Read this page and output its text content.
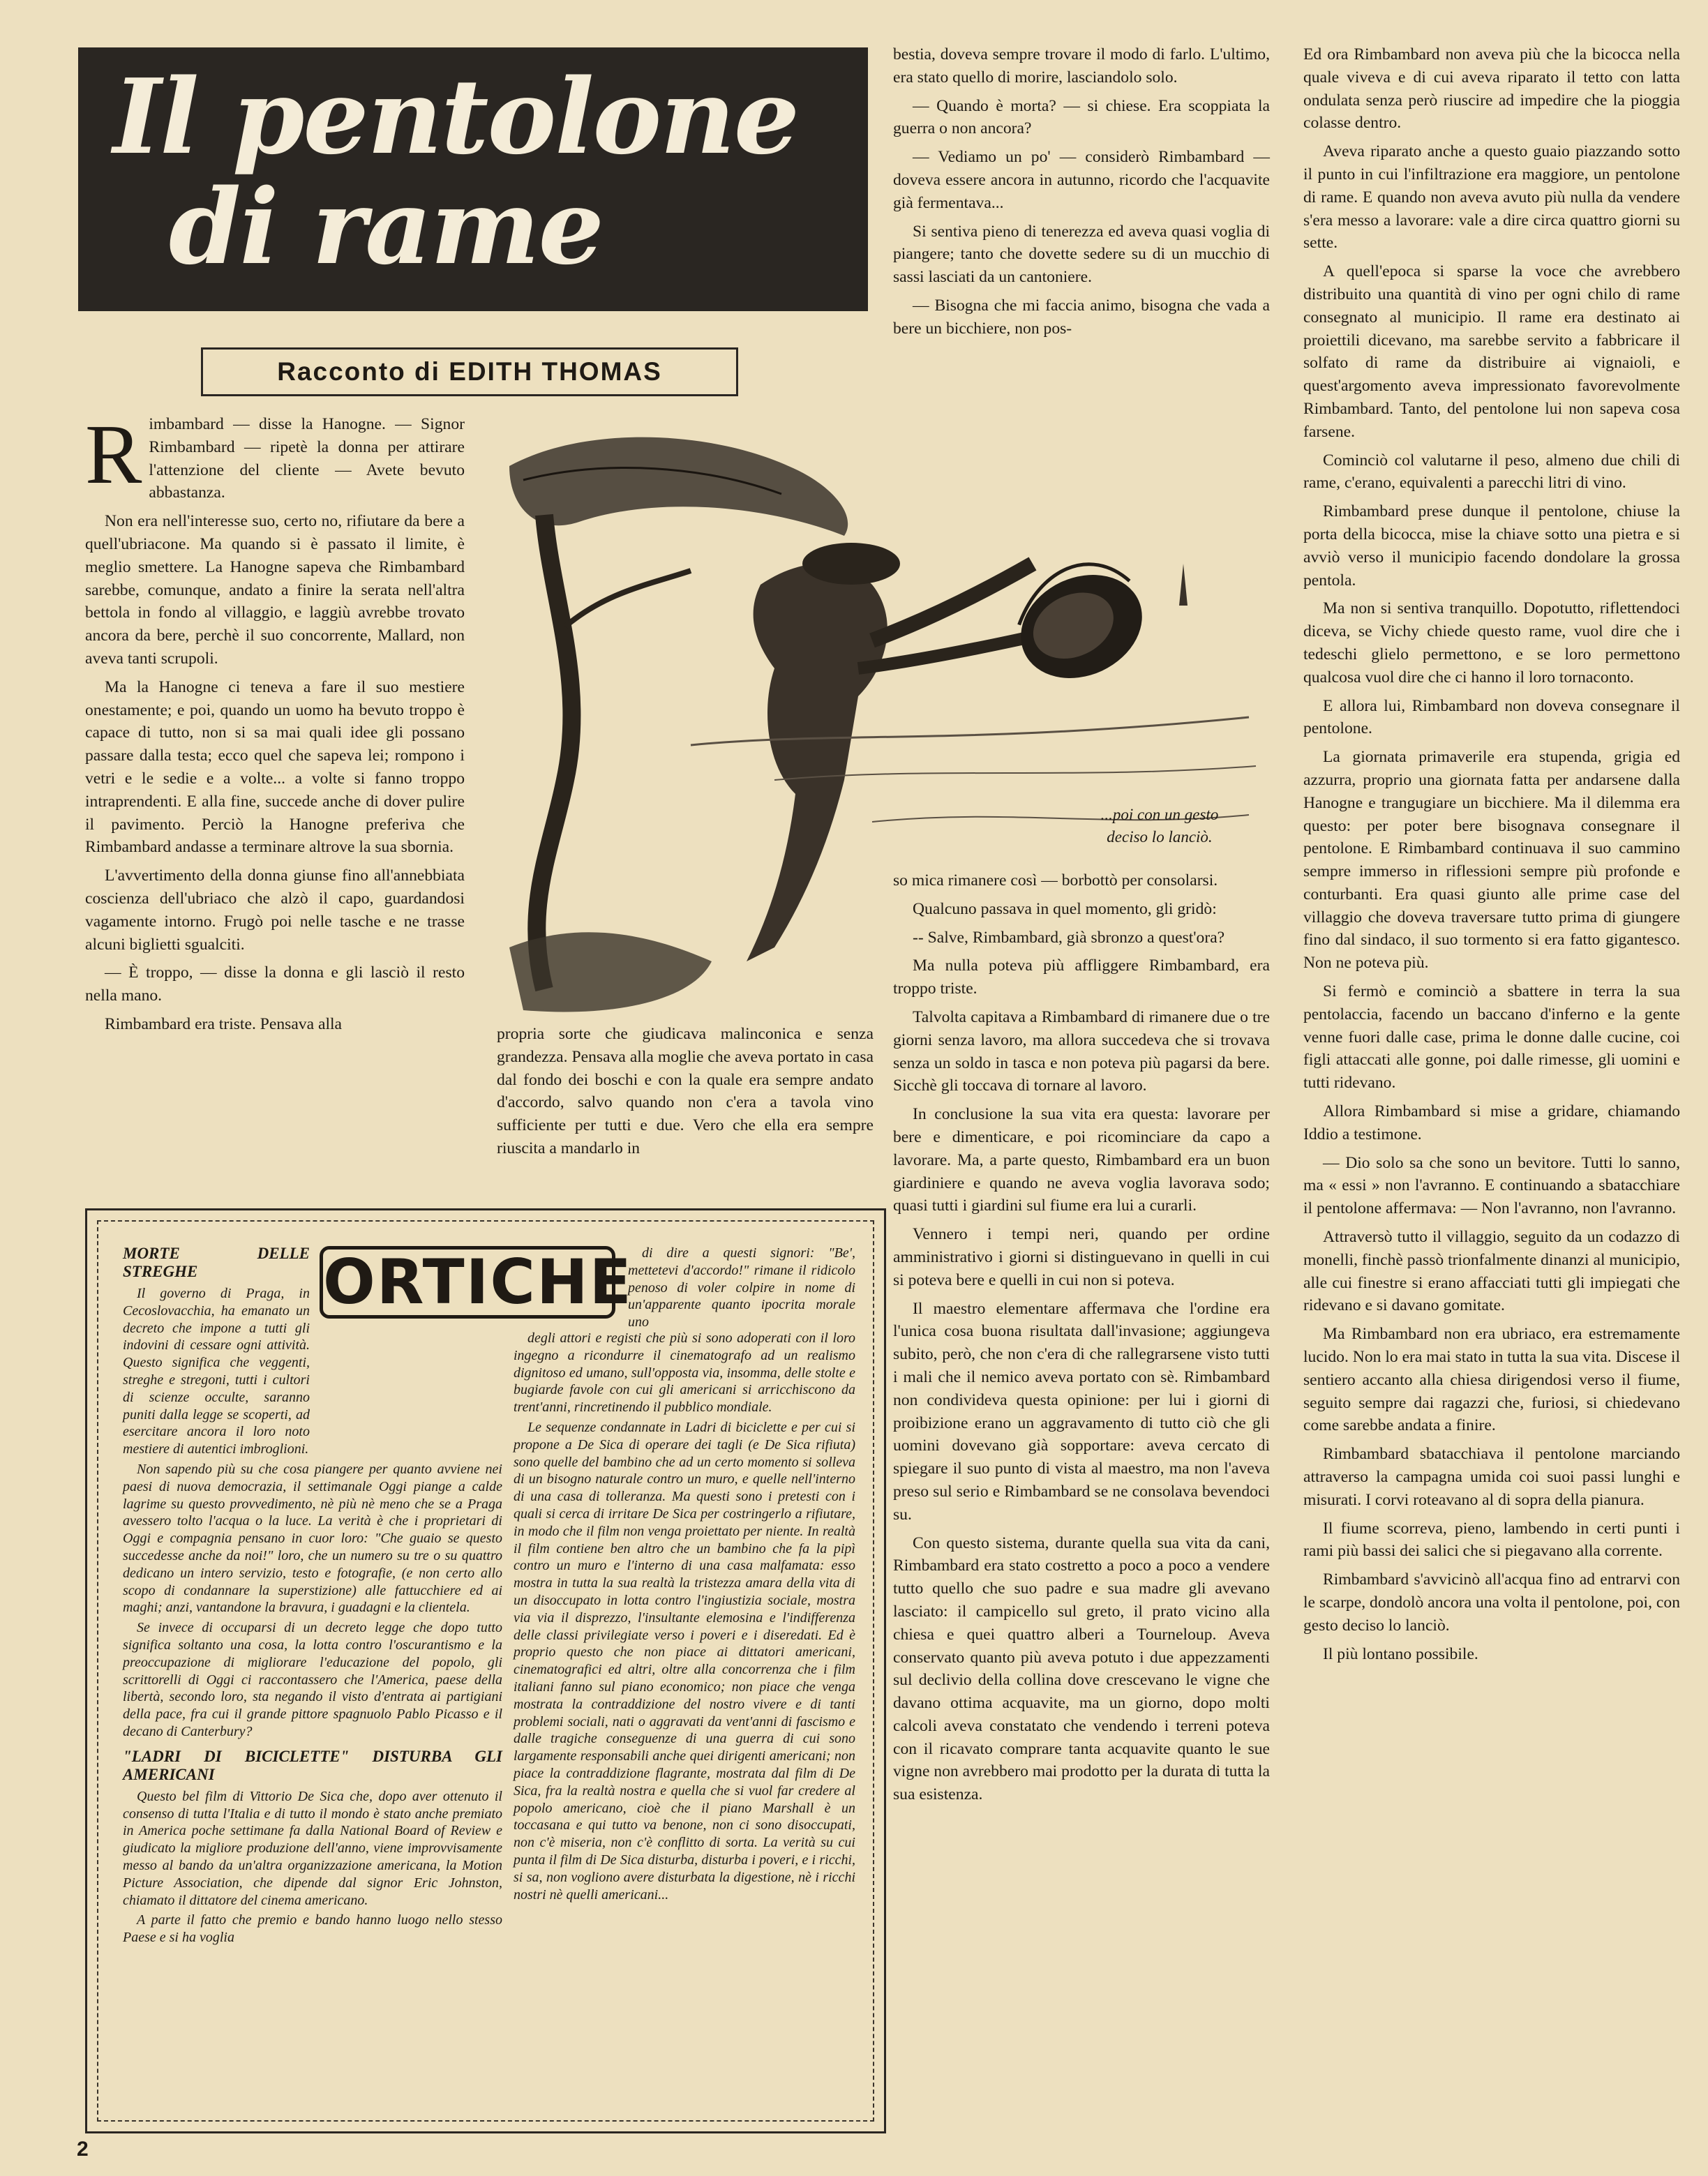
Il pentolone
di rame
Racconto di EDITH THOMAS
R imbambard — disse la Hanogne. — Signor Rimbambard — ripetè la donna per attirare l'attenzione del cliente — Avete bevuto abbastanza.

Non era nell'interesse suo, certo no, rifiutare da bere a quell'ubriacone. Ma quando si è passato il limite, è meglio smettere. La Hanogne sapeva che Rimbambard sarebbe, comunque, andato a finire la serata nell'altra bettola in fondo al villaggio, e laggiù avrebbe trovato ancora da bere, perchè il suo concorrente, Mallard, non aveva tanti scrupoli.

Ma la Hanogne ci teneva a fare il suo mestiere onestamente; e poi, quando un uomo ha bevuto troppo è capace di tutto, non si sa mai quali idee gli possano passare dalla testa; ecco quel che sapeva lei; rompono i vetri e le sedie e a volte... a volte si fanno troppo intraprendenti. E alla fine, succede anche di dover pulire il pavimento. Perciò la Hanogne preferiva che Rimbambard andasse a terminare altrove la sua sbornia.

L'avvertimento della donna giunse fino all'annebbiata coscienza dell'ubriaco che alzò il capo, guardandosi vagamente intorno. Frugò poi nelle tasche e ne trasse alcuni biglietti sgualciti.

— È troppo, — disse la donna e gli lasciò il resto nella mano.

Rimbambard era triste. Pensava alla

...poi con un gesto
deciso lo lanciò.

propria sorte che giudicava malinconica e senza grandezza. Pensava alla moglie che aveva portato in casa dal fondo dei boschi e con la quale era sempre andato d'accordo, salvo quando non c'era a tavola vino sufficiente per tutti e due. Vero che ella era sempre riuscita a mandarlo in

bestia, doveva sempre trovare il modo di farlo. L'ultimo, era stato quello di morire, lasciandolo solo.

— Quando è morta? — si chiese. Era scoppiata la guerra o non ancora?

— Vediamo un po' — considerò Rimbambard — doveva essere ancora in autunno, ricordo che l'acquavite già fermentava...

Si sentiva pieno di tenerezza ed aveva quasi voglia di piangere; tanto che dovette sedere su di un mucchio di sassi lasciati da un cantoniere.

— Bisogna che mi faccia animo, bisogna che vada a bere un bicchiere, non pos-

so mica rimanere così — borbottò per consolarsi.

Qualcuno passava in quel momento, gli gridò:

-- Salve, Rimbambard, già sbronzo a quest'ora?

Ma nulla poteva più affliggere Rimbambard, era troppo triste.

Talvolta capitava a Rimbambard di rimanere due o tre giorni senza lavoro, ma allora succedeva che si trovava senza un soldo in tasca e non poteva più pagarsi da bere. Sicchè gli toccava di tornare al lavoro.

In conclusione la sua vita era questa: lavorare per bere e dimenticare, e poi ricominciare da capo a lavorare. Ma, a parte questo, Rimbambard era un buon giardiniere e quando ne aveva voglia lavorava sodo; quasi tutti i giardini sul fiume era lui a curarli.

Vennero i tempi neri, quando per ordine amministrativo i giorni si distinguevano in quelli in cui si poteva bere e quelli in cui non si poteva.

Il maestro elementare affermava che l'ordine era l'unica cosa buona risultata dall'invasione; aggiungeva subito, però, che non c'era di che rallegrarsene visto tutti i mali che il nemico aveva portato con sè. Rimbambard non condivideva questa opinione: per lui i giorni di proibizione erano un aggravamento di tutto ciò che gli uomini dovevano già sopportare: aveva cercato di spiegare il suo punto di vista al maestro, ma non l'aveva preso sul serio e Rimbambard se ne consolava bevendoci su.

Con questo sistema, durante quella sua vita da cani, Rimbambard era stato costretto a poco a poco a vendere tutto quello che suo padre e sua madre gli avevano lasciato: il campicello sul greto, il prato vicino alla chiesa e quei quattro alberi a Tourneloup. Aveva conservato quanto più aveva potuto i due appezzamenti sul declivio della collina dove crescevano le vigne che davano ottima acquavite, ma un giorno, dopo molti calcoli aveva constatato che vendendo i terreni poteva con il ricavato comprare tanta acquavite quanto le sue vigne non avrebbero mai prodotto per la durata di tutta la sua esistenza.

Ed ora Rimbambard non aveva più che la bicocca nella quale viveva e di cui aveva riparato il tetto con latta ondulata senza però riuscire ad impedire che la pioggia colasse dentro.

Aveva riparato anche a questo guaio piazzando sotto il punto in cui l'infiltrazione era maggiore, un pentolone di rame. E quando non aveva avuto più nulla da vendere s'era messo a lavorare: vale a dire circa quattro giorni su sette.

A quell'epoca si sparse la voce che avrebbero distribuito una quantità di vino per ogni chilo di rame consegnato al municipio. Il rame era destinato ai proiettili dicevano, ma sarebbe servito a fabbricare il solfato di rame da distribuire ai vignaioli, e quest'argomento aveva impressionato favorevolmente Rimbambard. Tanto, del pentolone lui non sapeva cosa farsene.

Cominciò col valutarne il peso, almeno due chili di rame, c'erano, equivalenti a parecchi litri di vino.

Rimbambard prese dunque il pentolone, chiuse la porta della bicocca, mise la chiave sotto una pietra e si avviò verso il municipio facendo dondolare la grossa pentola.

Ma non si sentiva tranquillo. Dopotutto, riflettendoci diceva, se Vichy chiede questo rame, vuol dire che i tedeschi glielo permettono, e se loro permettono qualcosa vuol dire che ci hanno il loro tornaconto.

E allora lui, Rimbambard non doveva consegnare il pentolone.

La giornata primaverile era stupenda, grigia ed azzurra, proprio una giornata fatta per andarsene dalla Hanogne e trangugiare un bicchiere. Ma il dilemma era questo: per poter bere bisognava consegnare il pentolone. E Rimbambard continuava il suo cammino sempre immerso in riflessioni sempre più profonde e conturbanti. Era quasi giunto alle prime case del villaggio che doveva traversare tutto prima di giungere fino dal sindaco, il suo tormento si era fatto gigantesco. Non ne poteva più.

Si fermò e cominciò a sbattere in terra la sua pentolaccia, facendo un baccano d'inferno e la gente venne fuori dalle case, prima le donne dalle cucine, coi figli attaccati alle gonne, poi dalle rimesse, gli uomini e tutti ridevano.

Allora Rimbambard si mise a gridare, chiamando Iddio a testimone.

— Dio solo sa che sono un bevitore. Tutti lo sanno, ma « essi » non l'avranno. E continuando a sbatacchiare il pentolone affermava: — Non l'avranno, non l'avranno.

Attraversò tutto il villaggio, seguito da un codazzo di monelli, finchè passò trionfalmente dinanzi al municipio, alle cui finestre si erano affacciati tutti gli impiegati che ridevano e si davano gomitate.

Ma Rimbambard non era ubriaco, era estremamente lucido. Non lo era mai stato in tutta la sua vita. Discese il sentiero accanto alla chiesa dirigendosi verso il fiume, seguito sempre dai ragazzi che, furiosi, si chiedevano come sarebbe andata a finire.

Rimbambard sbatacchiava il pentolone marciando attraverso la campagna umida coi suoi passi lunghi e misurati. I corvi roteavano al di sopra della pianura.

Il fiume scorreva, pieno, lambendo in certi punti i rami più bassi dei salici che si piegavano alla corrente.

Rimbambard s'avvicinò all'acqua fino ad entrarvi con le scarpe, dondolò ancora una volta il pentolone, poi, con gesto deciso lo lanciò.

Il più lontano possibile.

ORTICHE
MORTE DELLE STREGHE

Il governo di Praga, in Cecoslovacchia, ha emanato un decreto che impone a tutti gli indovini di cessare ogni attività. Questo significa che veggenti, streghe e stregoni, tutti i cultori di scienze occulte, saranno puniti dalla legge se scoperti, ad esercitare ancora il loro noto mestiere di autentici imbroglioni.

Non sapendo più su che cosa piangere per quanto avviene nei paesi di nuova democrazia, il settimanale Oggi piange a calde lagrime su questo provvedimento, nè più nè meno che se a Praga avessero tolto l'acqua o la luce. La verità è che i proprietari di Oggi e compagnia pensano in cuor loro: "Che guaio se questo succedesse anche da noi!" loro, che un numero su tre o su quattro dedicano un intero servizio, testo e fotografie, (e non certo allo scopo di condannare la superstizione) alle fattucchiere ed ai maghi; anzi, vantandone la bravura, i guadagni e la clientela.

Se invece di occuparsi di un decreto legge che dopo tutto significa soltanto una cosa, la lotta contro l'oscurantismo e la preoccupazione di migliorare l'educazione del popolo, gli scrittorelli di Oggi ci raccontassero che l'America, paese della libertà, secondo loro, sta negando il visto d'entrata ai partigiani della pace, fra cui il grande pittore spagnuolo Pablo Picasso e il decano di Canterbury?

"LADRI DI BICICLETTE" DISTURBA GLI AMERICANI

Questo bel film di Vittorio De Sica che, dopo aver ottenuto il consenso di tutta l'Italia e di tutto il mondo è stato anche premiato in America poche settimane fa dalla National Board of Review e giudicato la migliore produzione dell'anno, viene improvvisamente messo al bando da un'altra organizzazione americana, la Motion Picture Association, che dipende dal signor Eric Johnston, chiamato il dittatore del cinema americano.

A parte il fatto che premio e bando hanno luogo nello stesso Paese e si ha voglia

di dire a questi signori: "Be', mettetevi d'accordo!" rimane il ridicolo penoso di voler colpire in nome di un'apparente quanto ipocrita morale uno

degli attori e registi che più si sono adoperati con il loro ingegno a ricondurre il cinematografo ad un realismo dignitoso ed umano, sull'opposta via, insomma, delle stolte e bugiarde favole con cui gli americani si arricchiscono da trent'anni, rincretinendo il pubblico mondiale.

Le sequenze condannate in Ladri di biciclette e per cui si propone a De Sica di operare dei tagli (e De Sica rifiuta) sono quelle del bambino che ad un certo momento si solleva di un bisogno naturale contro un muro, e quelle nell'interno di una casa di tolleranza. Ma questi sono i pretesti con i quali si cerca di irritare De Sica per costringerlo a rifiutare, in modo che il film non venga proiettato per niente. In realtà il film contiene ben altro che un bambino che fa la pipì contro un muro e l'interno di una casa malfamata: esso mostra in tutta la sua realtà la tristezza amara della vita di un disoccupato in lotta contro l'ingiustizia sociale, mostra via via il disprezzo, l'insultante elemosina e l'indifferenza delle classi privilegiate verso i poveri e i diseredati. Ed è proprio questo che non piace ai dittatori americani, cinematografici ed altri, oltre alla concorrenza che i film italiani fanno sul piano economico; non piace che venga mostrata la contraddizione del nostro vivere e di tanti problemi sociali, nati o aggravati da vent'anni di fascismo e dalle tragiche conseguenze di una guerra di cui sono largamente responsabili anche quei dirigenti americani; non piace la contraddizione flagrante, mostrata dal film di De Sica, fra la realtà nostra e quella che si vuol far credere al popolo americano, cioè che il piano Marshall è un toccasana e qui tutto va benone, non ci sono disoccupati, non c'è miseria, non c'è conflitto di sorta. La verità su cui punta il film di De Sica disturba, disturba i poveri, e i ricchi, si sa, non vogliono avere disturbata la digestione, nè i ricchi nostri nè quelli americani...

2
